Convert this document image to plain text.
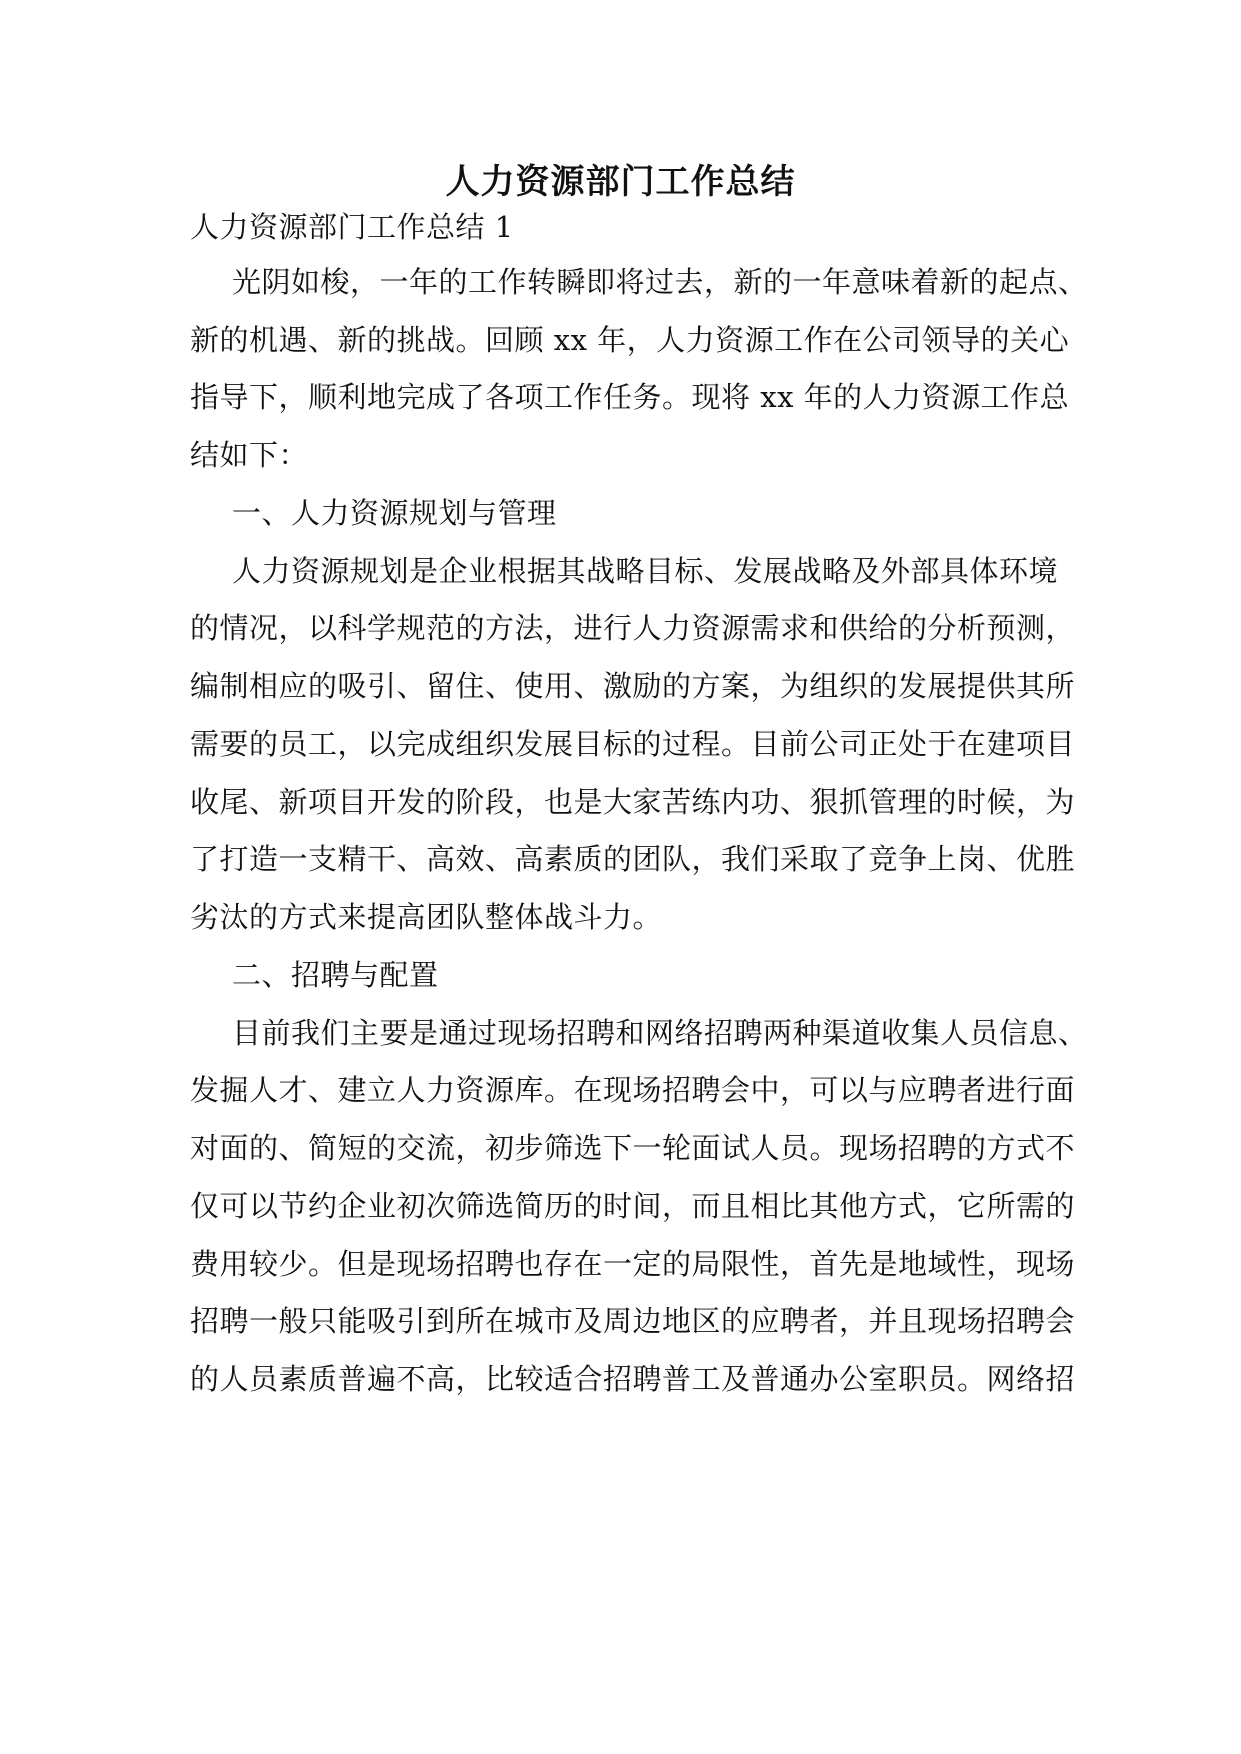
人力资源部门工作总结
人力资源部门工作总结 1
光阴如梭，一年的工作转瞬即将过去，新的一年意味着新的起点、
新的机遇、新的挑战。回顾 xx 年，人力资源工作在公司领导的关心
指导下，顺利地完成了各项工作任务。现将 xx 年的人力资源工作总
结如下：
一、人力资源规划与管理
人力资源规划是企业根据其战略目标、发展战略及外部具体环境
的情况，以科学规范的方法，进行人力资源需求和供给的分析预测，
编制相应的吸引、留住、使用、激励的方案，为组织的发展提供其所
需要的员工，以完成组织发展目标的过程。目前公司正处于在建项目
收尾、新项目开发的阶段，也是大家苦练内功、狠抓管理的时候，为
了打造一支精干、高效、高素质的团队，我们采取了竞争上岗、优胜
劣汰的方式来提高团队整体战斗力。
二、招聘与配置
目前我们主要是通过现场招聘和网络招聘两种渠道收集人员信息、
发掘人才、建立人力资源库。在现场招聘会中，可以与应聘者进行面
对面的、简短的交流，初步筛选下一轮面试人员。现场招聘的方式不
仅可以节约企业初次筛选简历的时间，而且相比其他方式，它所需的
费用较少。但是现场招聘也存在一定的局限性，首先是地域性，现场
招聘一般只能吸引到所在城市及周边地区的应聘者，并且现场招聘会
的人员素质普遍不高，比较适合招聘普工及普通办公室职员。网络招
